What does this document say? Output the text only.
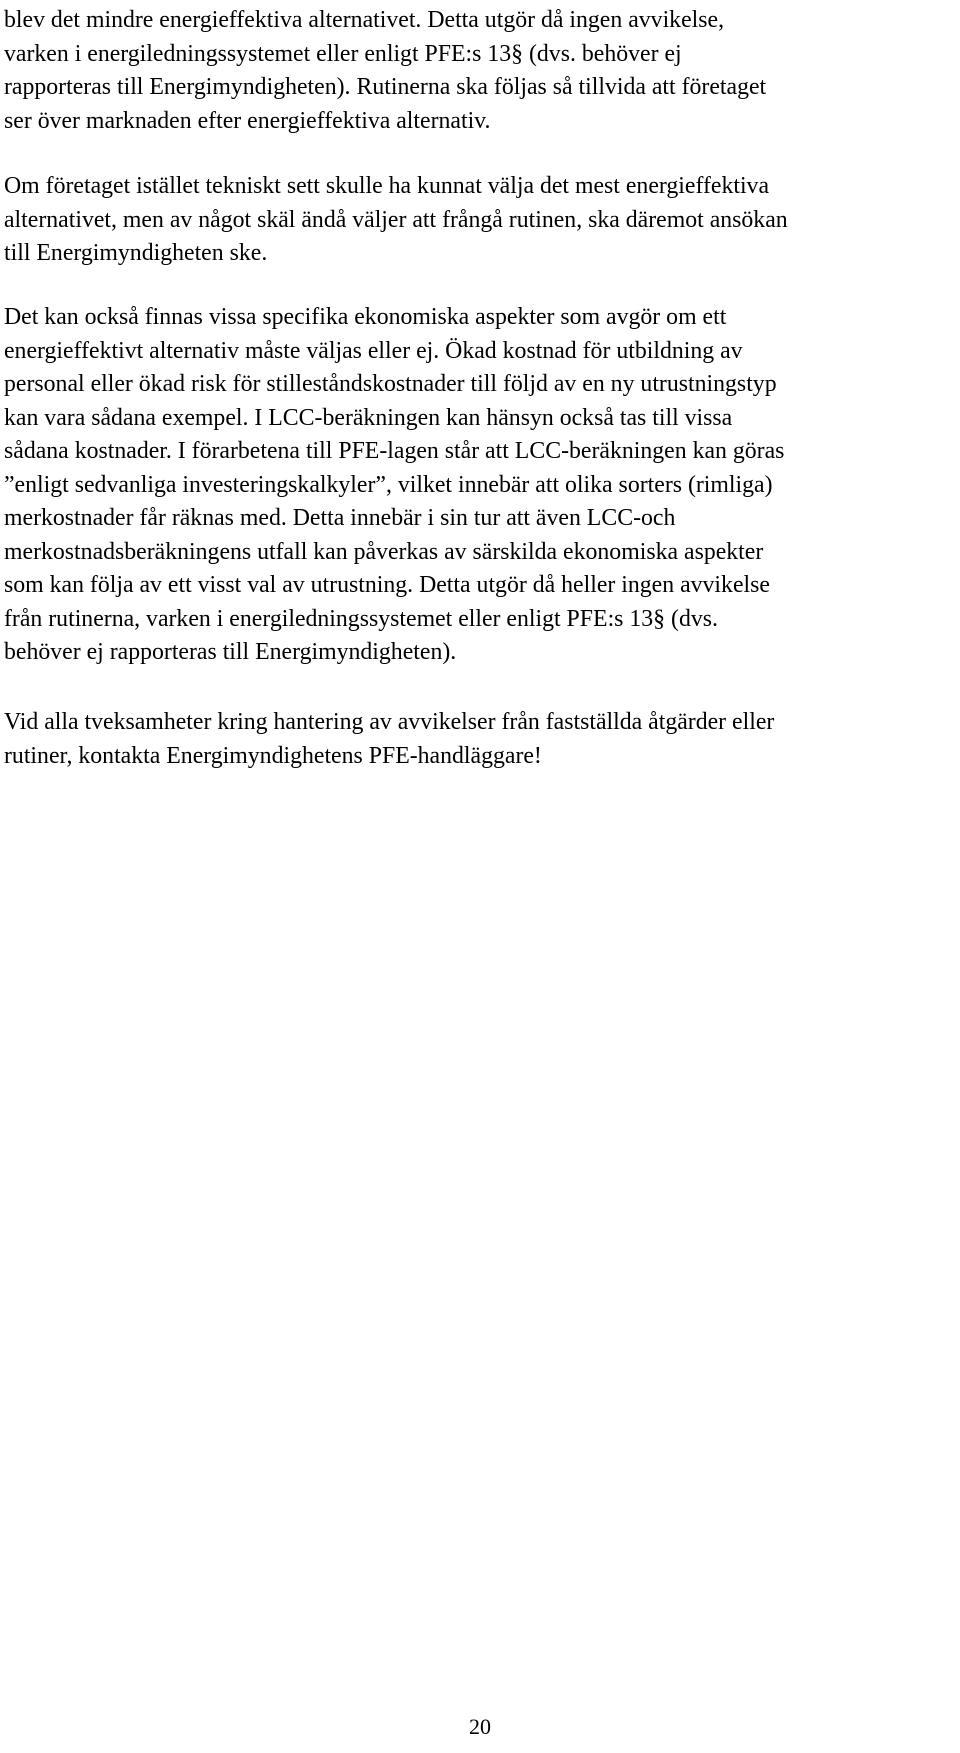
blev det mindre energieffektiva alternativet. Detta utgör då ingen avvikelse,
varken i energiledningssystemet eller enligt PFE:s 13§ (dvs. behöver ej
rapporteras till Energimyndigheten). Rutinerna ska följas så tillvida att företaget
ser över marknaden efter energieffektiva alternativ.

Om företaget istället tekniskt sett skulle ha kunnat välja det mest energieffektiva
alternativet, men av något skäl ändå väljer att frångå rutinen, ska däremot ansökan
till Energimyndigheten ske.

Det kan också finnas vissa specifika ekonomiska aspekter som avgör om ett
energieffektivt alternativ måste väljas eller ej. Ökad kostnad för utbildning av
personal eller ökad risk för stilleståndskostnader till följd av en ny utrustningstyp
kan vara sådana exempel. I LCC-beräkningen kan hänsyn också tas till vissa
sådana kostnader. I förarbetena till PFE-lagen står att LCC-beräkningen kan göras
”enligt sedvanliga investeringskalkyler”, vilket innebär att olika sorters (rimliga)
merkostnader får räknas med. Detta innebär i sin tur att även LCC-och
merkostnadsberäkningens utfall kan påverkas av särskilda ekonomiska aspekter
som kan följa av ett visst val av utrustning. Detta utgör då heller ingen avvikelse
från rutinerna, varken i energiledningssystemet eller enligt PFE:s 13§ (dvs.
behöver ej rapporteras till Energimyndigheten).

Vid alla tveksamheter kring hantering av avvikelser från fastställda åtgärder eller
rutiner, kontakta Energimyndighetens PFE-handläggare!

20
